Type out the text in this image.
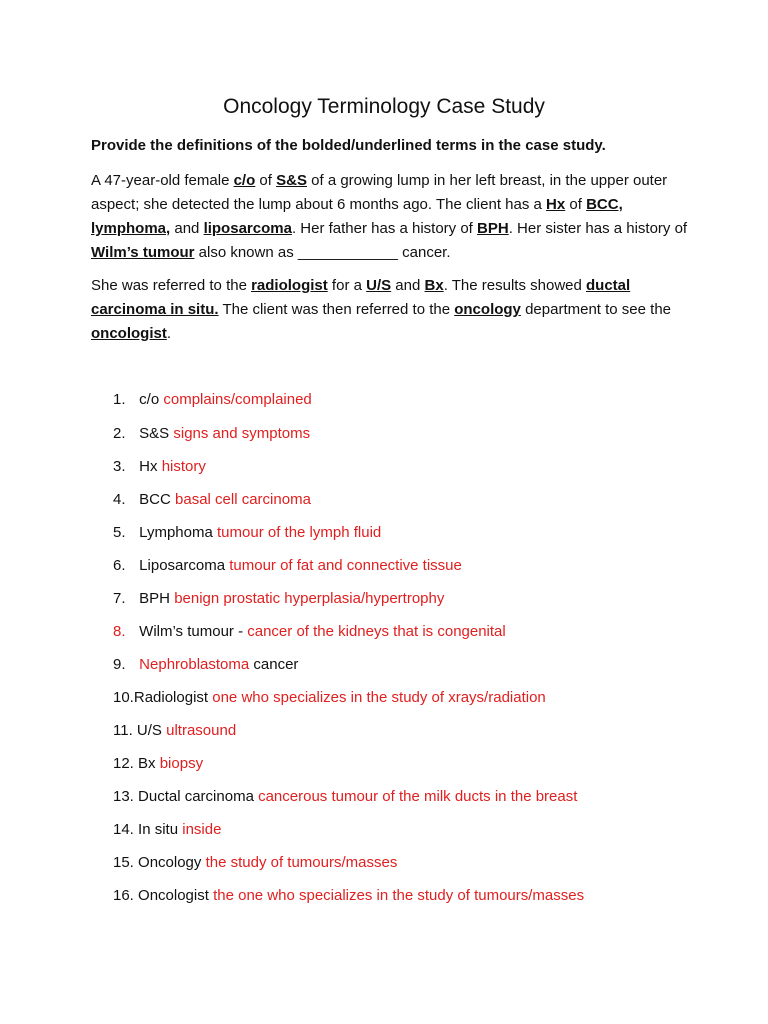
Oncology Terminology Case Study
Provide the definitions of the bolded/underlined terms in the case study.
A 47-year-old female c/o of S&S of a growing lump in her left breast, in the upper outer aspect; she detected the lump about 6 months ago. The client has a Hx of BCC, lymphoma, and liposarcoma. Her father has a history of BPH. Her sister has a history of Wilm’s tumour also known as ____________ cancer.
She was referred to the radiologist for a U/S and Bx. The results showed ductal carcinoma in situ. The client was then referred to the oncology department to see the oncologist.
1. c/o complains/complained
2. S&S signs and symptoms
3. Hx history
4. BCC basal cell carcinoma
5. Lymphoma tumour of the lymph fluid
6. Liposarcoma tumour of fat and connective tissue
7. BPH benign prostatic hyperplasia/hypertrophy
8. Wilm’s tumour - cancer of the kidneys that is congenital
9. Nephroblastoma cancer
10.Radiologist one who specializes in the study of xrays/radiation
11. U/S ultrasound
12. Bx biopsy
13. Ductal carcinoma cancerous tumour of the milk ducts in the breast
14. In situ inside
15. Oncology the study of tumours/masses
16. Oncologist the one who specializes in the study of tumours/masses
